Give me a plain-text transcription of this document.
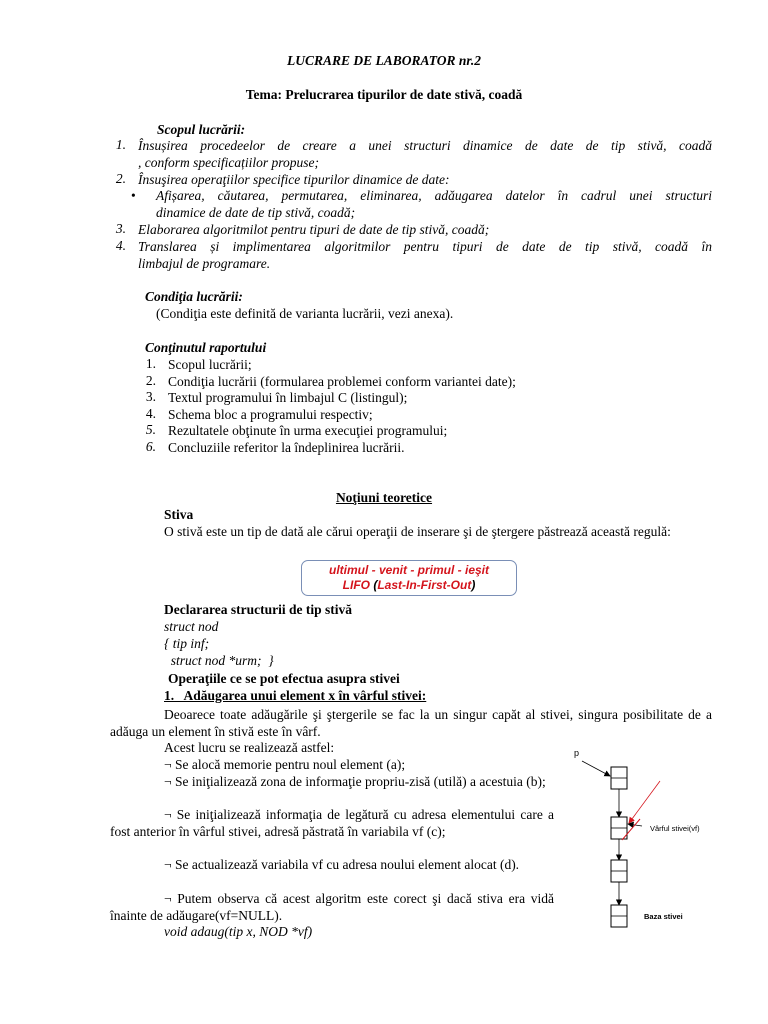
LUCRARE DE LABORATOR nr.2
Tema: Prelucrarea tipurilor de date stivă, coadă
Scopul lucrării:
1. Însușirea procedeelor de creare a unei structuri dinamice de date de tip stivă, coadă
, conform specificațiilor propuse;
2. Însuşirea operaţiilor specifice tipurilor dinamice de date:
• Afișarea, căutarea, permutarea, eliminarea, adăugarea datelor în cadrul unei structuri
dinamice de date de tip stivă, coadă;
3. Elaborarea algoritmilot pentru tipuri de date de tip stivă, coadă;
4. Translarea și implimentarea algoritmilor pentru tipuri de date de tip stivă, coadă în
limbajul de programare.
Condiţia lucrării:
(Condiţia este definită de varianta lucrării, vezi anexa).
Conţinutul raportului
1. Scopul lucrării;
2. Condiţia lucrării (formularea problemei conform variantei date);
3. Textul programului în limbajul C (listingul);
4. Schema bloc a programului respectiv;
5. Rezultatele obţinute în urma execuţiei programului;
6. Concluziile referitor la îndeplinirea lucrării.
Noţiuni teoretice
Stiva
O stivă este un tip de dată ale cărui operaţii de inserare şi de ştergere păstrează această regulă:
ultimul - venit - primul - ieşit
LIFO (Last-In-First-Out)
Declararea structurii de tip stivă
struct nod
{ tip inf;
struct nod *urm;  }
Operaţiile ce se pot efectua asupra stivei
1.   Adăugarea unui element x în vârful stivei:
Deoarece toate adăugările şi ştergerile se fac la un singur capăt al stivei, singura posibilitate de a adăuga un element în stivă este în vârf.
Acest lucru se realizează astfel:
¬ Se alocă memorie pentru noul element (a);
¬ Se iniţializează zona de informaţie propriu-zisă (utilă) a acestuia (b);
¬ Se iniţializează informaţia de legătură cu adresa elementului care a fost anterior în vârful stivei, adresă păstrată în variabila vf (c);
¬ Se actualizează variabila vf cu adresa noului element alocat (d).
¬ Putem observa că acest algoritm este corect şi dacă stiva era vidă înainte de adăugare(vf=NULL).
void adaug(tip x, NOD *vf)
p
Vârful stivei(vf)
Baza stivei
